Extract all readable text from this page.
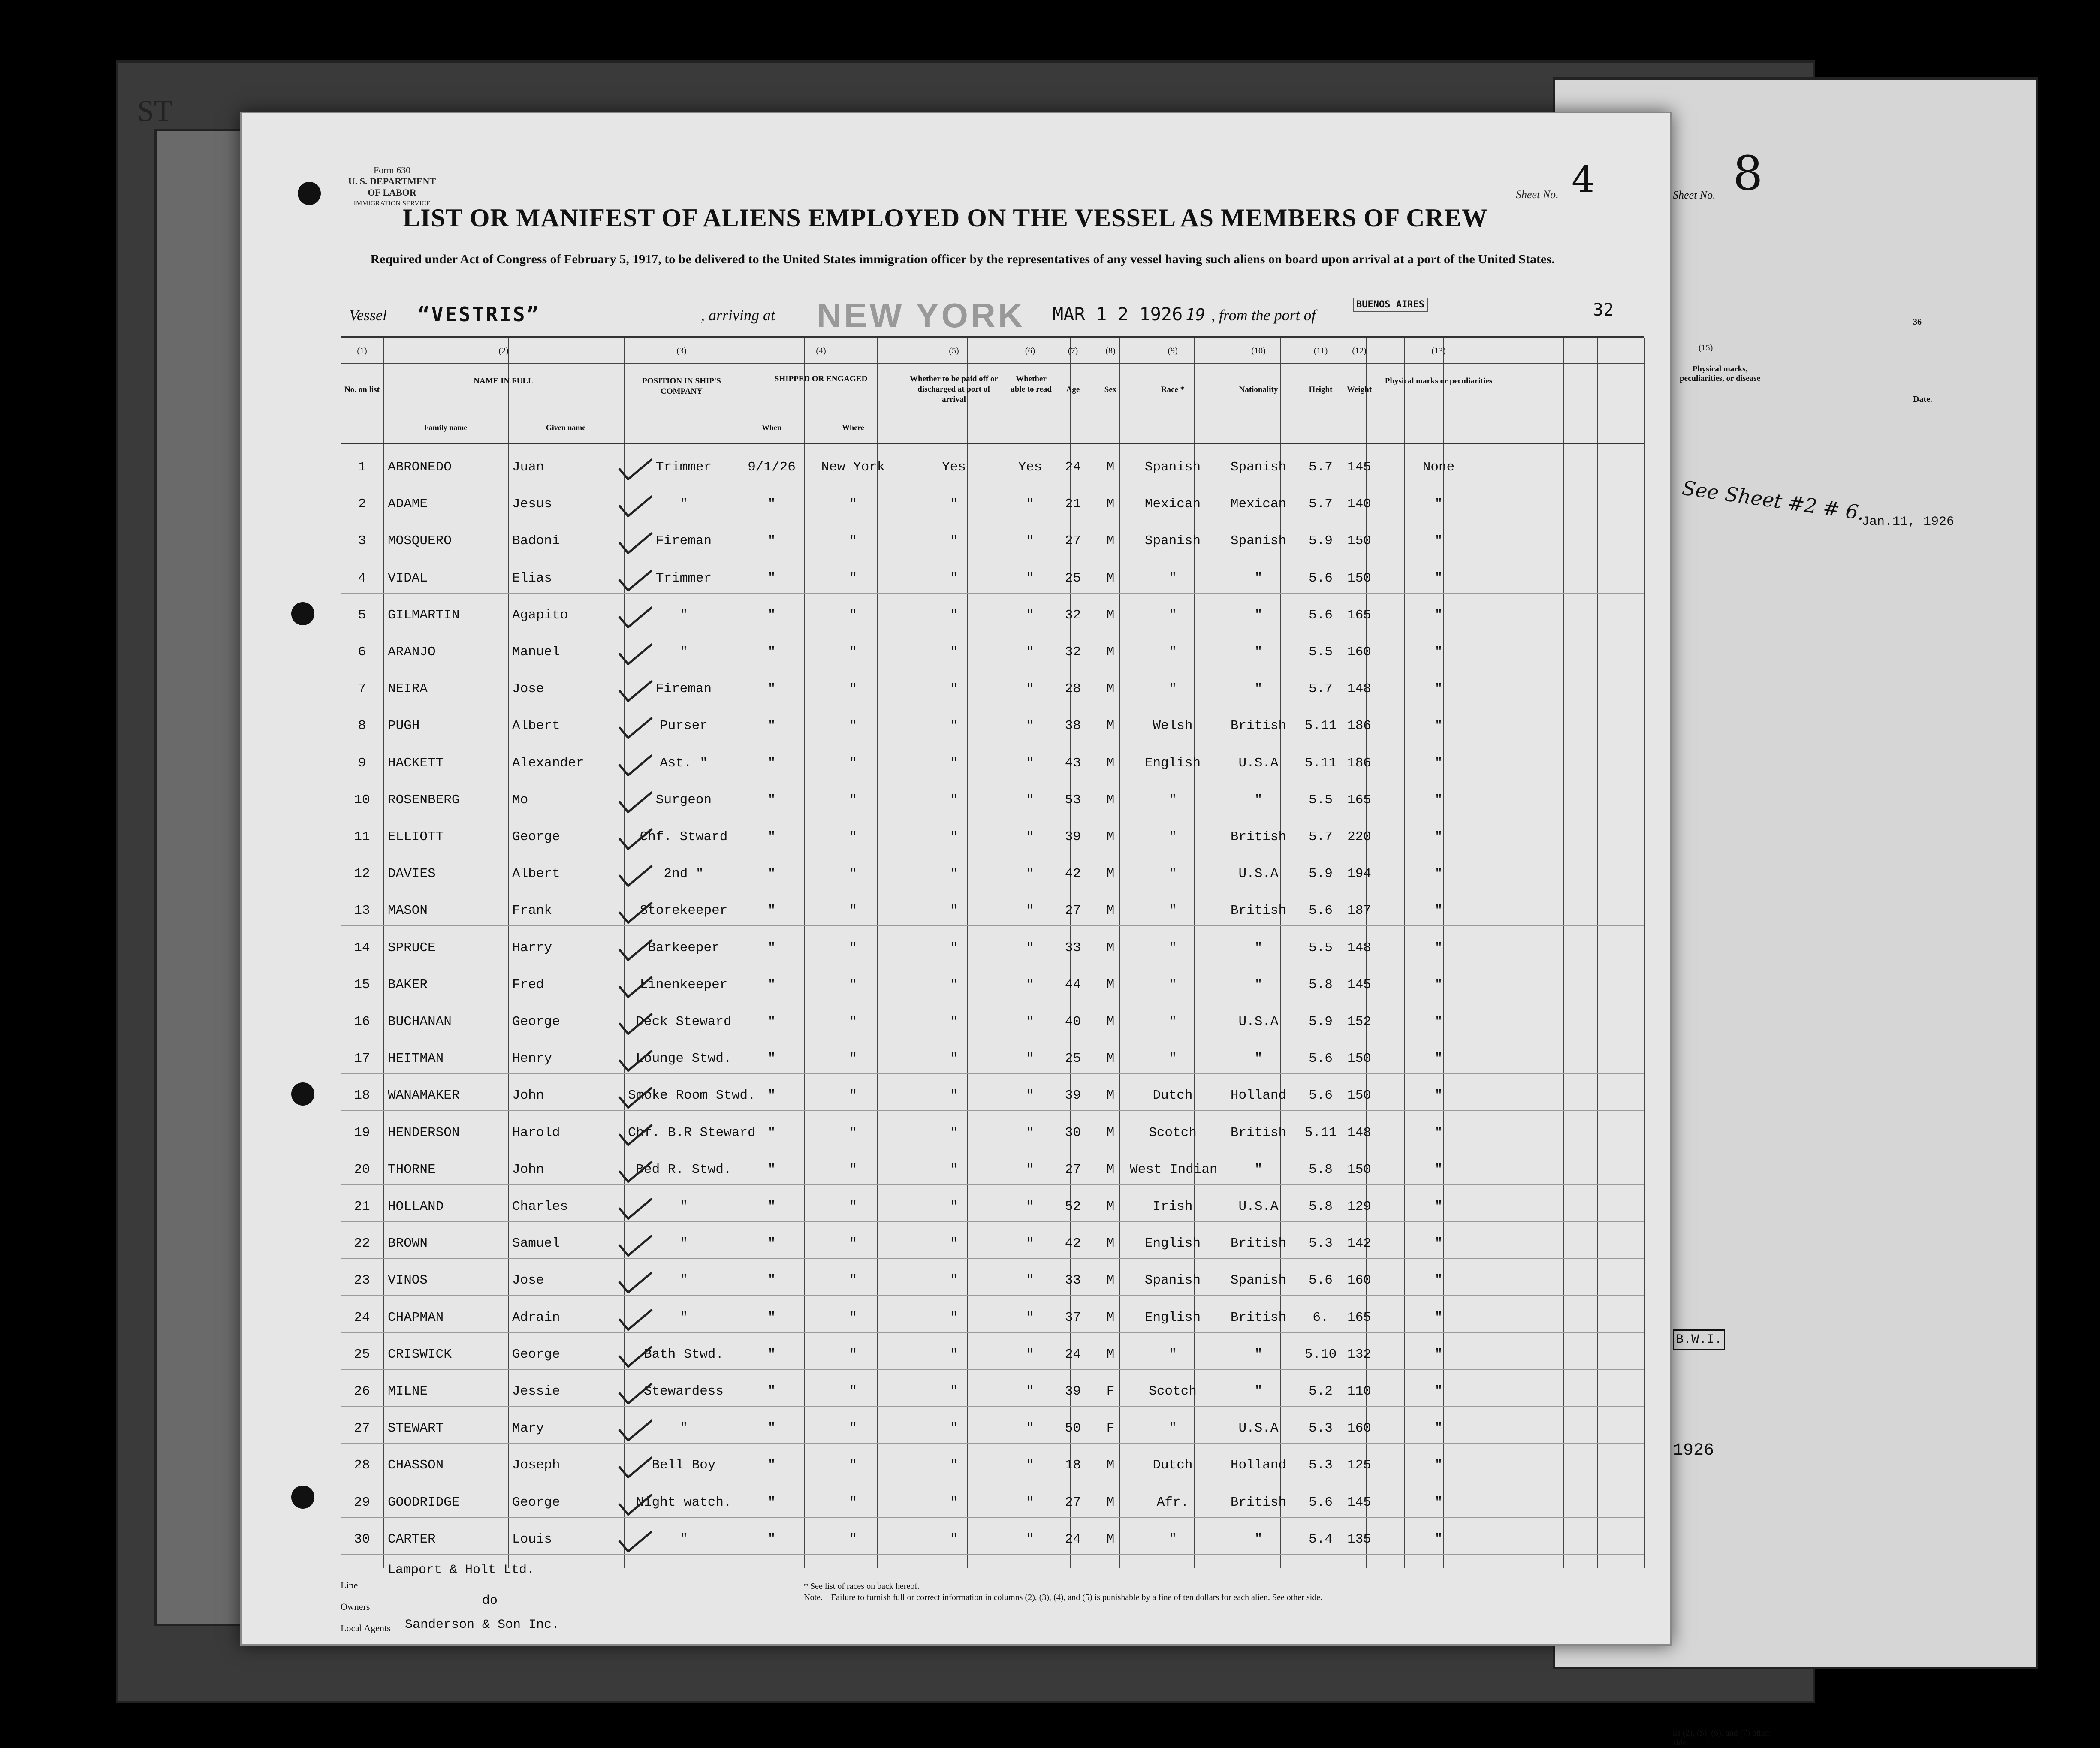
Sheet No. 8
(15)
Physical marks, peculiarities, or disease
36
Date.
See Sheet #2 # 6.
Jan.11, 1926
B.W.I.
1926
ns (2), (5), (6), and (7) other side.
ST
Form 630
U. S. DEPARTMENT OF LABOR
IMMIGRATION SERVICE
Sheet No. 4
LIST OR MANIFEST OF ALIENS EMPLOYED ON THE VESSEL AS MEMBERS OF CREW
Required under Act of Congress of February 5, 1917, to be delivered to the United States immigration officer by the representatives of any vessel having such aliens on board upon arrival at a port of the United States.
Vessel “VESTRIS”	, arriving at NEW YORK MAR 1 2 1926 19 , from the port of
BUENOS AIRES	32
(1)	(2)	(3)	(4)	(5)	(6)	(7)	(8)	(9)	(10)	(11)	(12)	(13)
No. on list
NAME IN FULL	POSITION IN SHIP'S COMPANY
SHIPPED OR ENGAGED	Whether to be paid off or discharged at port of arrival
Whether able to read	Age	Sex	Race *	Nationality	Height	Weight
Physical marks or peculiarities
Family name	Given name	When	Where
1	ABRONEDO	Juan	Trimmer	9/1/26	New York	Yes	Yes	24	M	Spanish	Spanish	5.7	145	None
2	ADAME	Jesus	"	"	"	"	"	21	M	Mexican	Mexican	5.7	140	"
3	MOSQUERO	Badoni	Fireman	"	"	"	"	27	M	Spanish	Spanish	5.9	150	"
4	VIDAL	Elias	Trimmer	"	"	"	"	25	M	"	"	5.6	150	"
5	GILMARTIN	Agapito	"	"	"	"	"	32	M	"	"	5.6	165	"
6	ARANJO	Manuel	"	"	"	"	"	32	M	"	"	5.5	160	"
7	NEIRA	Jose	Fireman	"	"	"	"	28	M	"	"	5.7	148	"
8	PUGH	Albert	Purser	"	"	"	"	38	M	Welsh	British	5.11 186	"
9	HACKETT	Alexander	Ast. "	"	"	"	"	43	M	English	U.S.A	5.11 186	"
10	ROSENBERG	Mo	Surgeon	"	"	"	"	53	M	"	"	5.5	165	"
11	ELLIOTT	George	Chf. Stward	"	"	"	"	39	M	"	British	5.7	220	"
12	DAVIES	Albert	2nd "	"	"	"	"	42	M	"	U.S.A	5.9	194	"
13	MASON	Frank	Storekeeper	"	"	"	"	27	M	"	British	5.6	187	"
14	SPRUCE	Harry	Barkeeper	"	"	"	"	33	M	"	"	5.5	148	"
15	BAKER	Fred	Linenkeeper	"	"	"	"	44	M	"	"	5.8	145	"
16	BUCHANAN	George	Deck Steward	"	"	"	"	40	M	"	U.S.A	5.9	152	"
17	HEITMAN	Henry	Lounge Stwd.	"	"	"	"	25	M	"	"	5.6	150	"
18	WANAMAKER	John	Smoke Room Stwd. "	"	"	"	39	M	Dutch	Holland	5.6	150	"
19	HENDERSON	Harold	Chf. B.R Steward "	"	"	"	30	M	Scotch	British	5.11 148	"
20	THORNE	John	Bed R. Stwd.	"	"	"	"	27	M	West Indian	"	5.8	150	"
21	HOLLAND	Charles	"	"	"	"	"	52	M	Irish	U.S.A	5.8	129	"
22	BROWN	Samuel	"	"	"	"	"	42	M	English	British	5.3	142	"
23	VINOS	Jose	"	"	"	"	"	33	M	Spanish	Spanish	5.6	160	"
24	CHAPMAN	Adrain	"	"	"	"	"	37	M	English	British	6.	165	"
25	CRISWICK	George	Bath Stwd.	"	"	"	"	24	M	"	"	5.10 132	"
26	MILNE	Jessie	Stewardess	"	"	"	"	39	F	Scotch	"	5.2	110	"
27	STEWART	Mary	"	"	"	"	"	50	F	"	U.S.A	5.3	160	"
28	CHASSON	Joseph	Bell Boy	"	"	"	"	18	M	Dutch	Holland	5.3	125	"
29	GOODRIDGE	George	Night watch.	"	"	"	"	27	M	Afr.	British	5.6	145	"
30	CARTER	Louis	"	"	"	"	"	24	M	"	"	5.4	135	"
Lamport & Holt Ltd.
Line
Owners	do
Local Agents Sanderson & Son Inc.
* See list of races on back hereof.
Note.—Failure to furnish full or correct information in columns (2), (3), (4), and (5) is punishable by a fine of ten dollars for each alien. See other side.
